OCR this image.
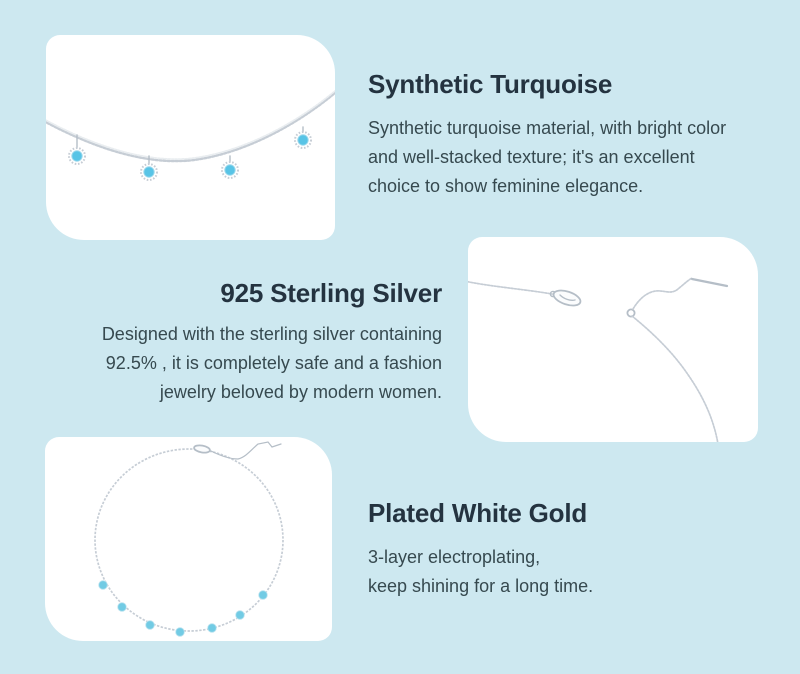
Synthetic Turquoise

Synthetic turquoise material, with bright color
and well-stacked texture; it's an excellent
choice to show feminine elegance.

925 Sterling Silver

Designed with the sterling silver containing
92.5% , it is completely safe and a fashion
jewelry beloved by modern women.

Plated White Gold

3-layer electroplating,
keep shining for a long time.
